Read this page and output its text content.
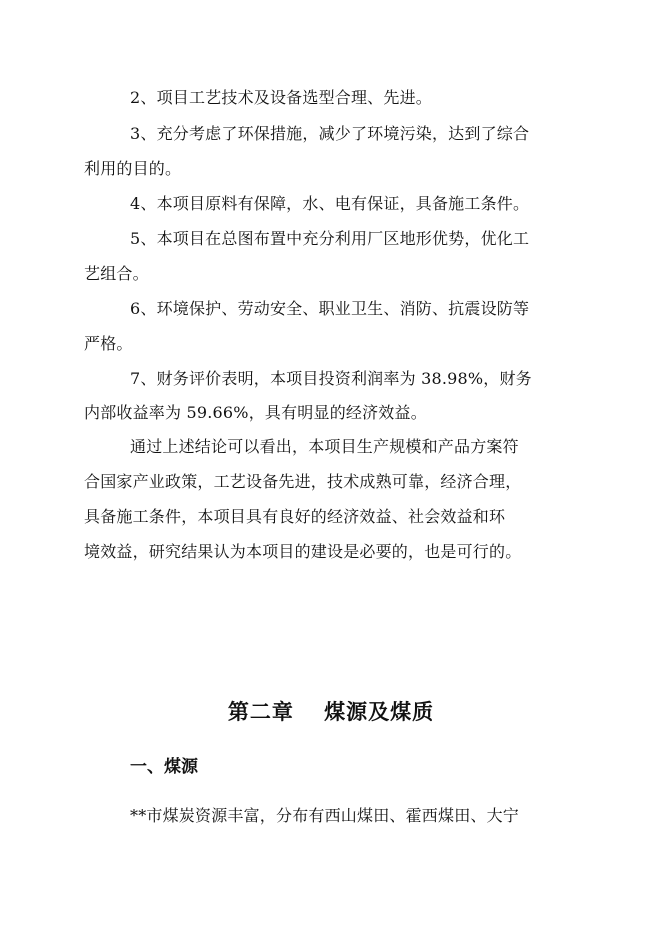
2、项目工艺技术及设备选型合理、先进。
3、充分考虑了环保措施，减少了环境污染，达到了综合
利用的目的。
4、本项目原料有保障，水、电有保证，具备施工条件。
5、本项目在总图布置中充分利用厂区地形优势，优化工
艺组合。
6、环境保护、劳动安全、职业卫生、消防、抗震设防等
严格。
7、财务评价表明，本项目投资利润率为 38.98%，财务
内部收益率为 59.66%，具有明显的经济效益。
通过上述结论可以看出，本项目生产规模和产品方案符
合国家产业政策，工艺设备先进，技术成熟可靠，经济合理，
具备施工条件，本项目具有良好的经济效益、社会效益和环
境效益，研究结果认为本项目的建设是必要的，也是可行的。
第二章　 煤源及煤质
一、煤源
**市煤炭资源丰富，分布有西山煤田、霍西煤田、大宁
